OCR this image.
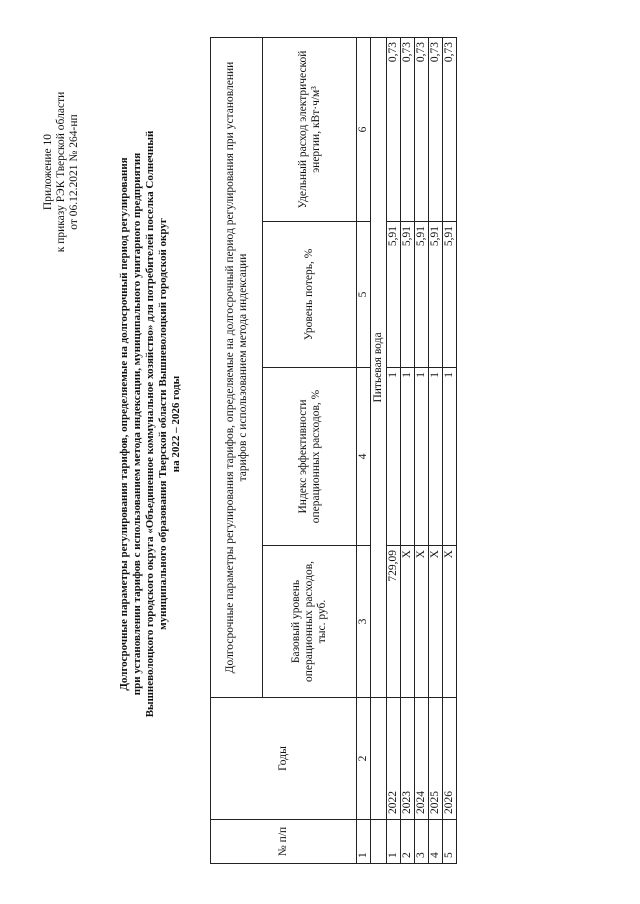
Приложение 10 к приказу РЭК Тверской области от 06.12.2021 № 264-нп	Долгосрочные параметры регулирования тарифов, определяемые на долгосрочный период регулирования при установлении тарифов с использованием метода индексации, муниципального унитарного предприятия Вышневолоцкого городского округа «Объединенное коммунальное хозяйство» для потребителей поселка Солнечный муниципального образования Тверской области Вышневолоцкий городской округ на 2022 – 2026 годы
№ п/п	Годы	Долгосрочные параметры регулирования тарифов, определяемые на долгосрочный период регулирования при установлении тарифов с использованием метода индексации			
		Базовый уровень операционных расходов, тыс. руб.	Индекс эффективности операционных расходов, %	Уровень потерь, %	Удельный расход электрической энергии, кВт·ч/м³
1	2	3	4	5	6
		Питьевая вода			
1	2022	729,09	1	5,91	0,73
2	2023	Х	1	5,91	0,73
3	2024	Х	1	5,91	0,73
4	2025	Х	1	5,91	0,73
5	2026	Х	1	5,91	0,73
